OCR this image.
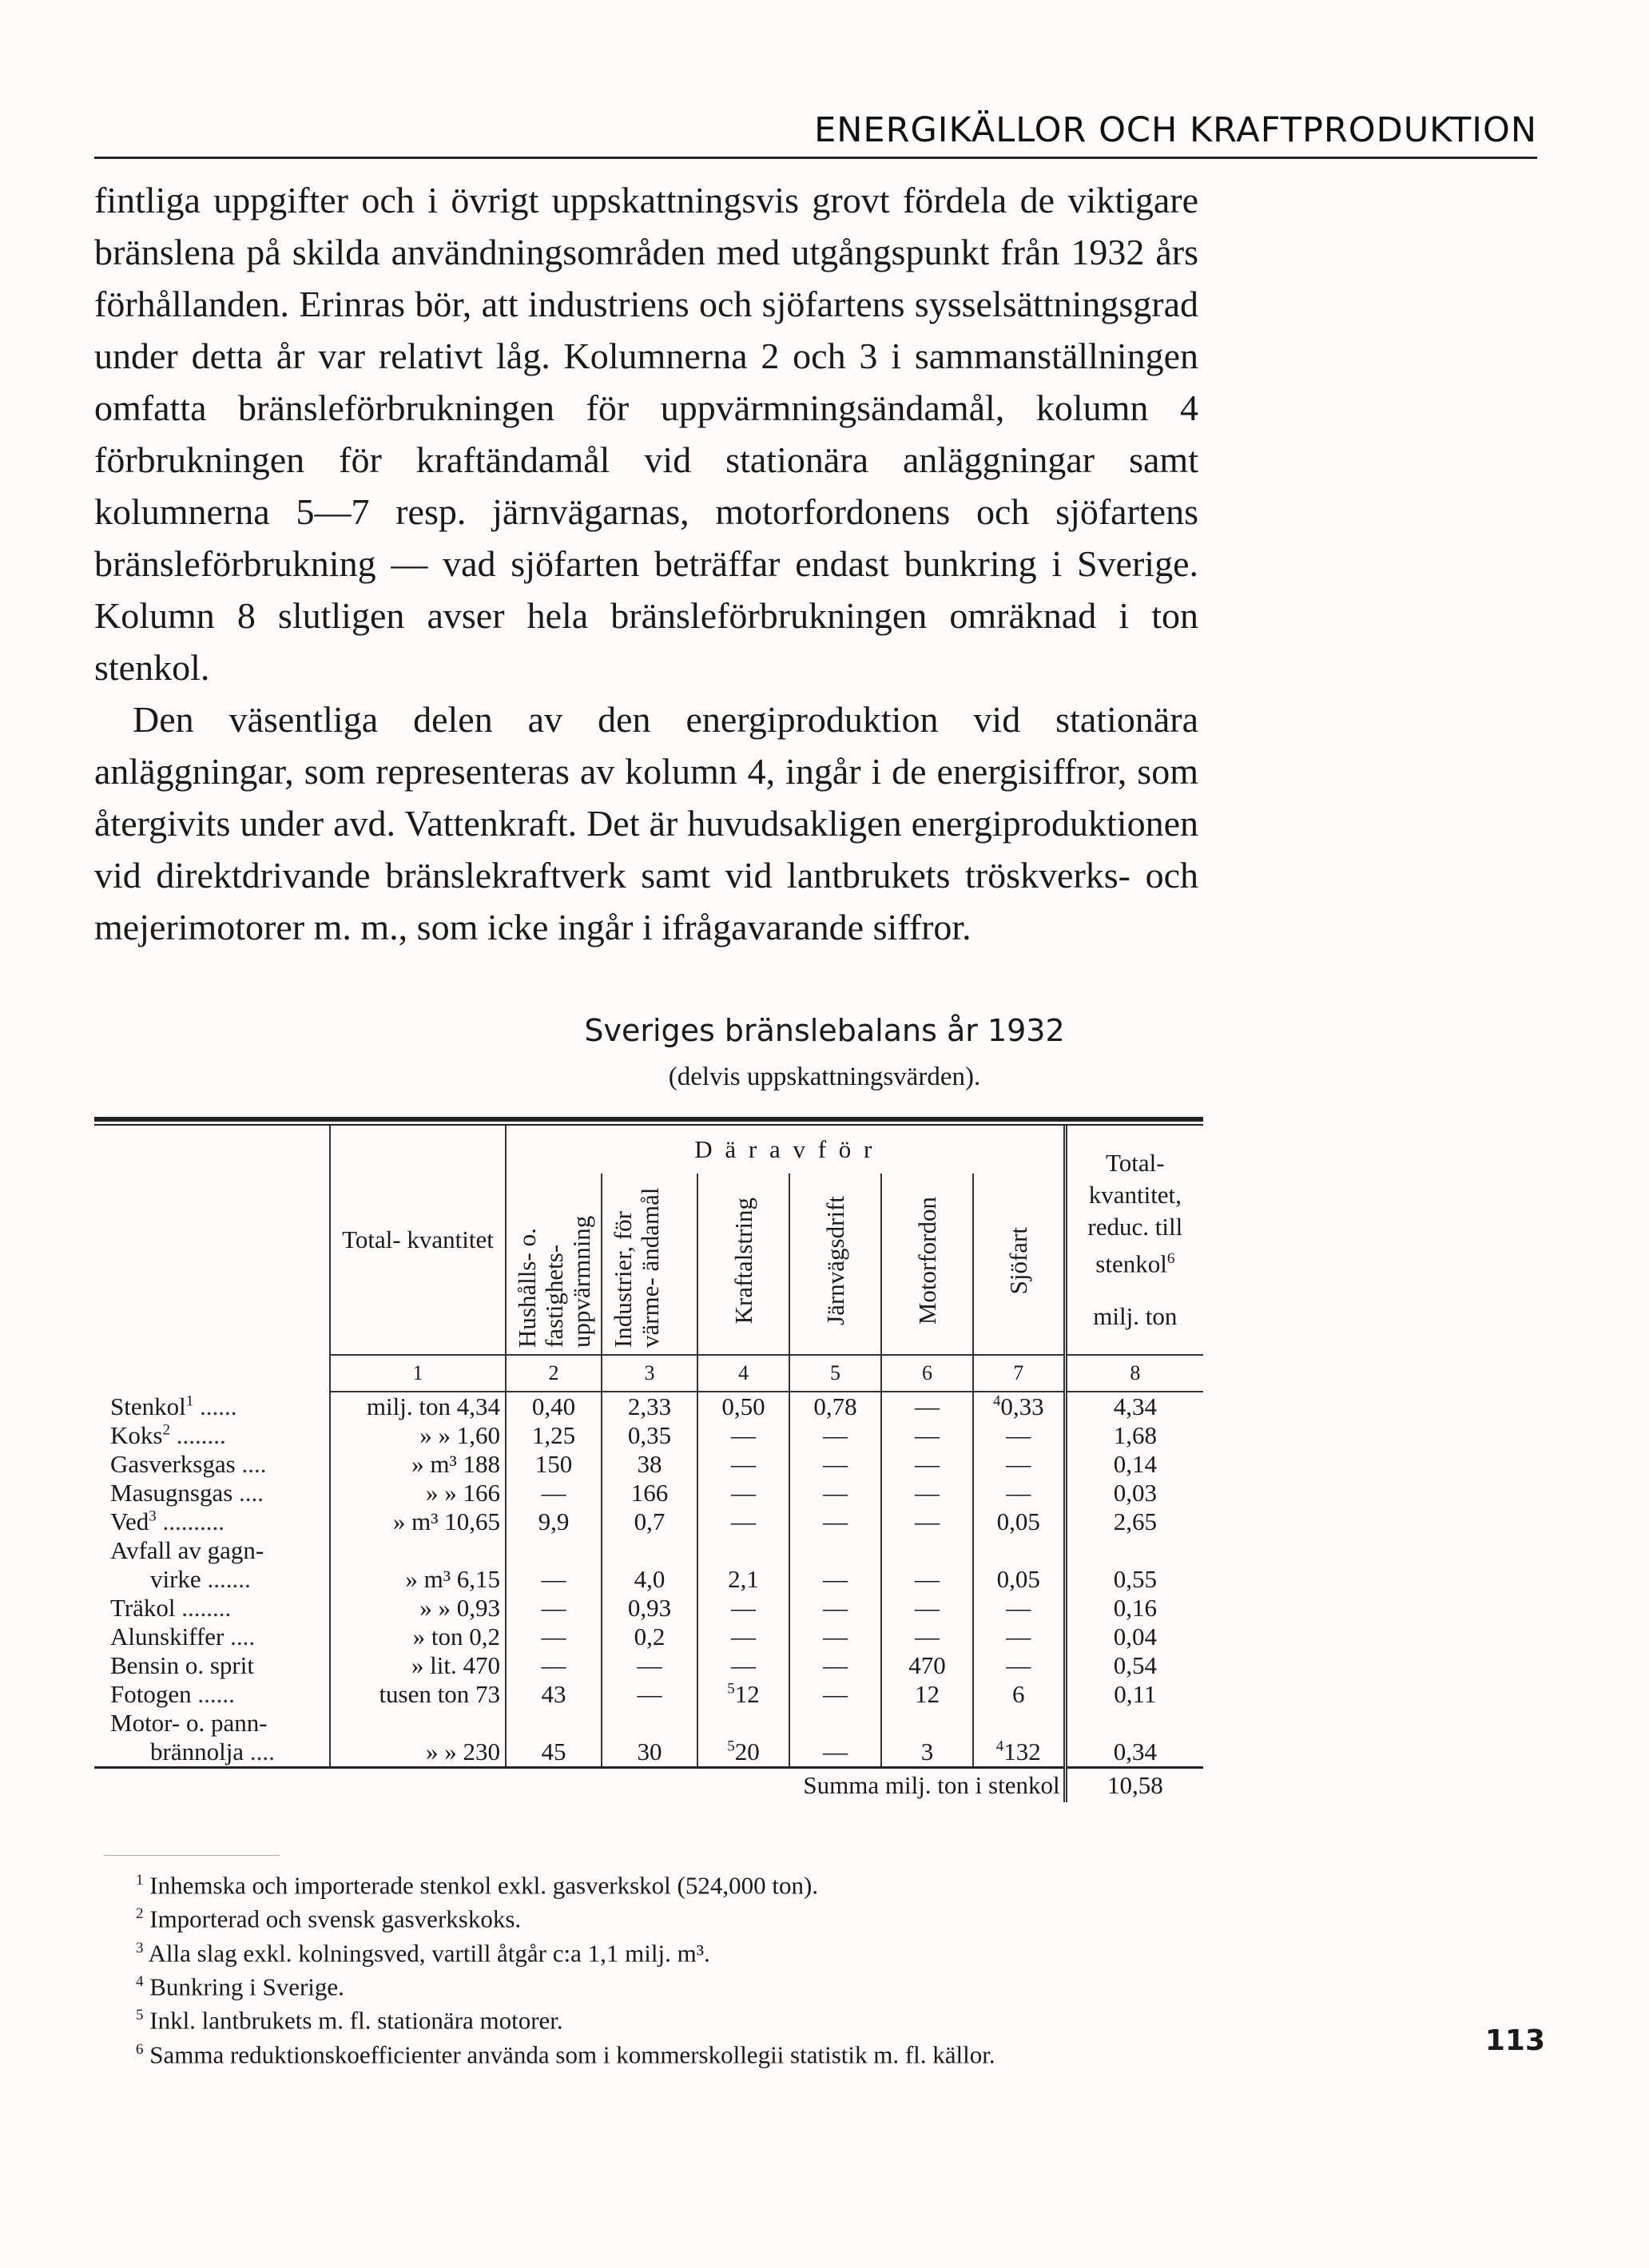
ENERGIKÄLLOR OCH KRAFTPRODUKTION

fintliga uppgifter och i övrigt uppskattningsvis grovt fördela de viktigare bränslena på skilda användningsområden med utgångspunkt från 1932 års förhållanden. Erinras bör, att industriens och sjöfartens sysselsättningsgrad under detta år var relativt låg. Kolumnerna 2 och 3 i sammanställningen omfatta bränsleförbrukningen för uppvärmningsändamål, kolumn 4 förbrukningen för kraftändamål vid stationära anläggningar samt kolumnerna 5—7 resp. järnvägarnas, motorfordonens och sjöfartens bränsleförbrukning — vad sjöfarten beträffar endast bunkring i Sverige. Kolumn 8 slutligen avser hela bränsleförbrukningen omräknad i ton stenkol.

Den väsentliga delen av den energiproduktion vid stationära anläggningar, som representeras av kolumn 4, ingår i de energisiffror, som återgivits under avd. Vattenkraft. Det är huvudsakligen energiproduktionen vid direktdrivande bränslekraftverk samt vid lantbrukets tröskverks- och mejerimotorer m. m., som icke ingår i ifrågavarande siffror.

Sveriges bränslebalans år 1932
(delvis uppskattningsvärden).
	Total- kvantitet	D ä r a v f ö r						Total- kvantitet, reduc. till stenkol$^6$
milj. ton

		Hushålls- o. fastighets- uppvärmning	Industrier, för värme- ändamål	Kraftalstring	Järnvägsdrift	Motorfordon	Sjöfart	
	1	2	3	4	5	6	7	8
Stenkol$^1$ ......	milj. ton 4,34	0,40	2,33	0,50	0,78	—	$^4$0,33	4,34
Koks$^2$ ........	» » 1,60	1,25	0,35	—	—	—	—	1,68
Gasverksgas ....	» m³ 188	150	38	—	—	—	—	0,14
Masugnsgas ....	» » 166	—	166	—	—	—	—	0,03
Ved$^3$ ..........	» m³ 10,65	9,9	0,7	—	—	—	0,05	2,65
Avfall av gagn-								
virke .......	» m³ 6,15	—	4,0	2,1	—	—	0,05	0,55
Träkol ........	» » 0,93	—	0,93	—	—	—	—	0,16
Alunskiffer ....	» ton 0,2	—	0,2	—	—	—	—	0,04
Bensin o. sprit	» lit. 470	—	—	—	—	470	—	0,54
Fotogen ......	tusen ton 73	43	—	$^5$12	—	12	6	0,11
Motor- o. pann-								
brännolja ....	» » 230	45	30	$^5$20	—	3	$^4$132	0,34
		Summa milj. ton i stenkol						10,58
$^1$ Inhemska och importerade stenkol exkl. gasverkskol (524,000 ton).
$^2$ Importerad och svensk gasverkskoks.
$^3$ Alla slag exkl. kolningsved, vartill åtgår c:a 1,1 milj. m³.
$^4$ Bunkring i Sverige.
$^5$ Inkl. lantbrukets m. fl. stationära motorer.
$^6$ Samma reduktionskoefficienter använda som i kommerskollegii statistik m. fl. källor.	113
